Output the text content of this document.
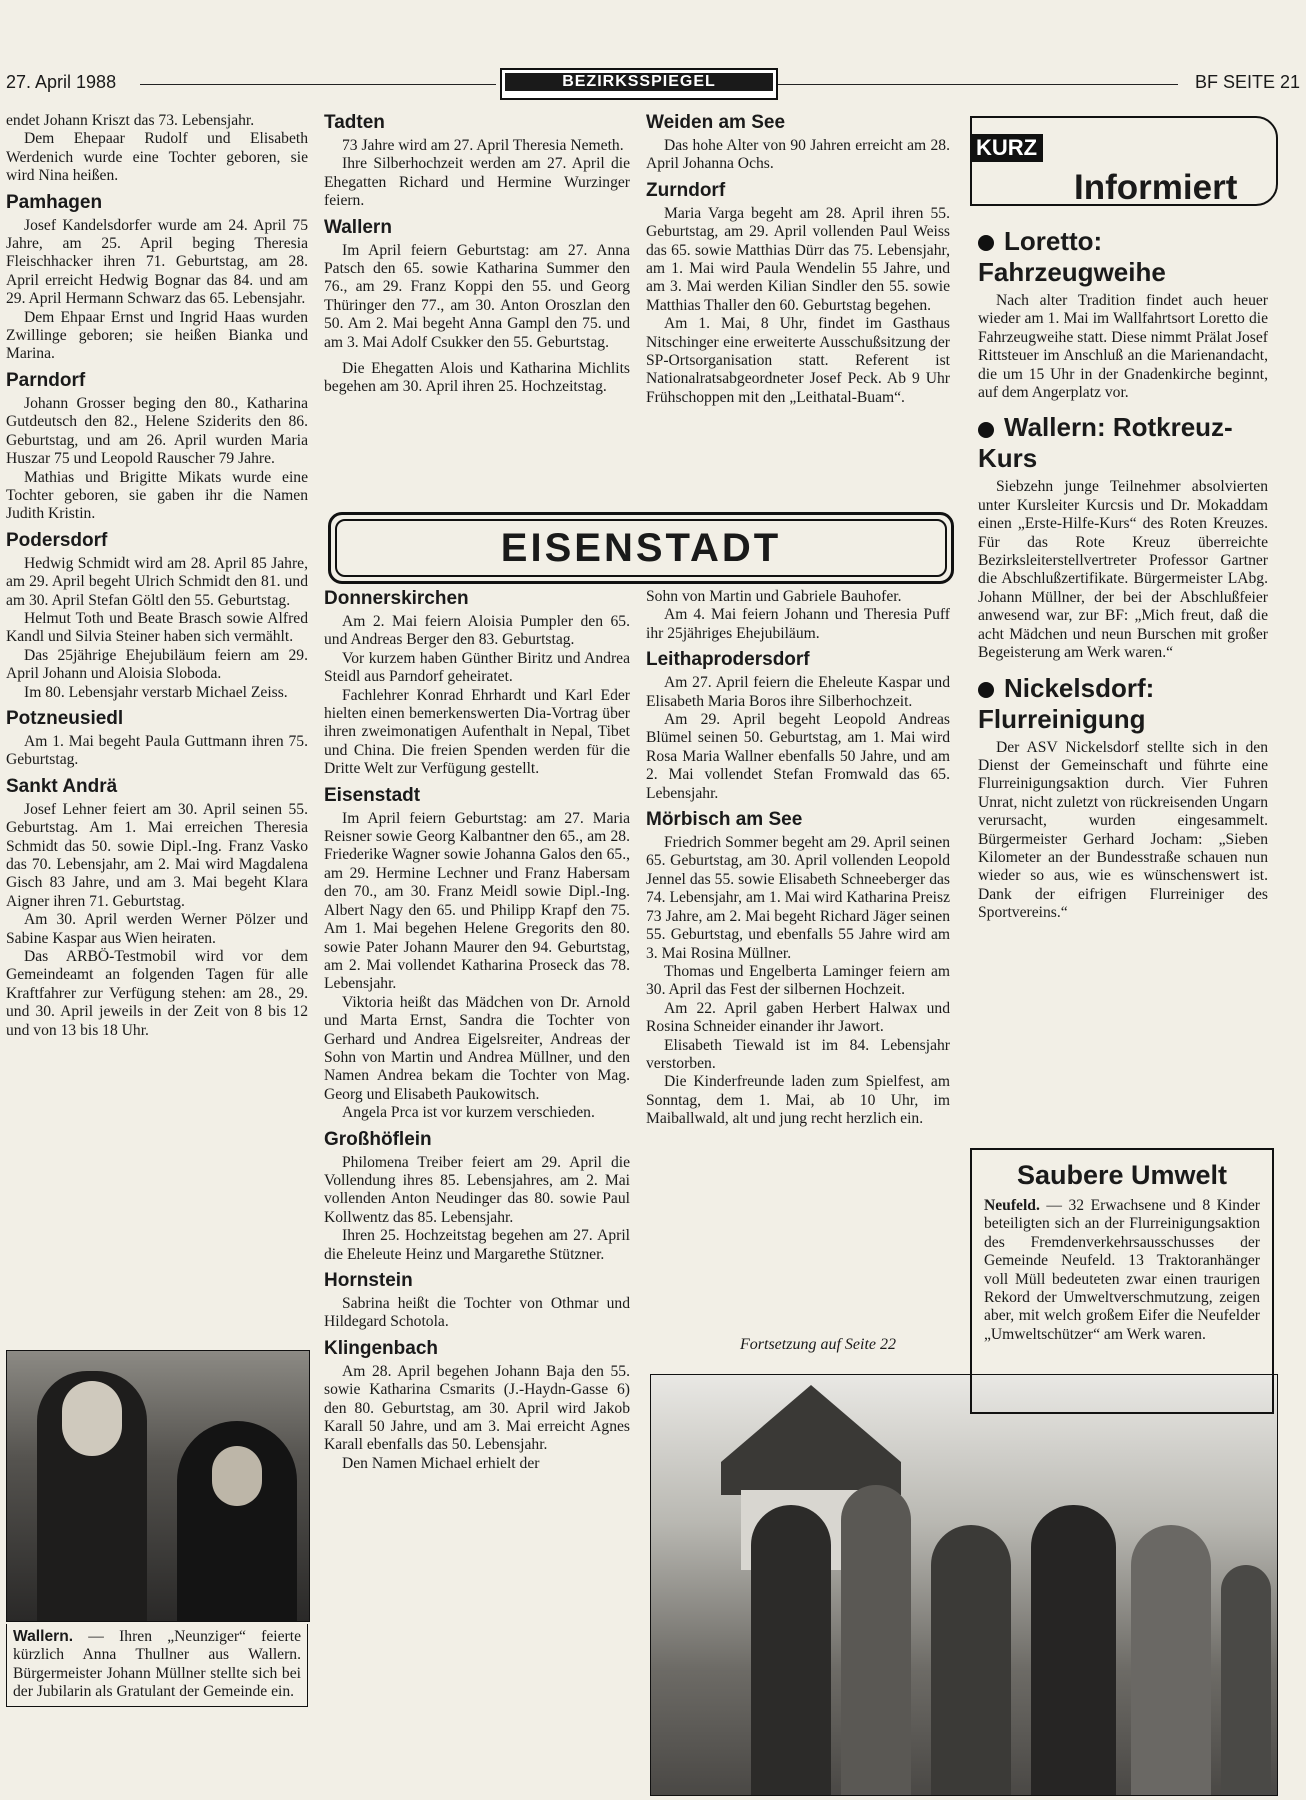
27. April 1988	BEZIRKSSPIEGEL	BF SEITE 21

endet Johann Kriszt das 73. Lebensjahr.

Dem Ehepaar Rudolf und Elisabeth Werdenich wurde eine Tochter geboren, sie wird Nina heißen.

Pamhagen

Josef Kandelsdorfer wurde am 24. April 75 Jahre, am 25. April beging Theresia Fleischhacker ihren 71. Geburtstag, am 28. April erreicht Hedwig Bognar das 84. und am 29. April Hermann Schwarz das 65. Lebensjahr.

Dem Ehpaar Ernst und Ingrid Haas wurden Zwillinge geboren; sie heißen Bianka und Marina.

Parndorf

Johann Grosser beging den 80., Katharina Gutdeutsch den 82., Helene Sziderits den 86. Geburtstag, und am 26. April wurden Maria Huszar 75 und Leopold Rauscher 79 Jahre.

Mathias und Brigitte Mikats wurde eine Tochter geboren, sie gaben ihr die Namen Judith Kristin.

Podersdorf

Hedwig Schmidt wird am 28. April 85 Jahre, am 29. April begeht Ulrich Schmidt den 81. und am 30. April Stefan Göltl den 55. Geburtstag.

Helmut Toth und Beate Brasch sowie Alfred Kandl und Silvia Steiner haben sich vermählt.

Das 25jährige Ehejubiläum feiern am 29. April Johann und Aloisia Sloboda.

Im 80. Lebensjahr verstarb Michael Zeiss.

Potzneusiedl

Am 1. Mai begeht Paula Guttmann ihren 75. Geburtstag.

Sankt Andrä

Josef Lehner feiert am 30. April seinen 55. Geburtstag. Am 1. Mai erreichen Theresia Schmidt das 50. sowie Dipl.-Ing. Franz Vasko das 70. Lebensjahr, am 2. Mai wird Magdalena Gisch 83 Jahre, und am 3. Mai begeht Klara Aigner ihren 71. Geburtstag.

Am 30. April werden Werner Pölzer und Sabine Kaspar aus Wien heiraten.

Das ARBÖ-Testmobil wird vor dem Gemeindeamt an folgenden Tagen für alle Kraftfahrer zur Verfügung stehen: am 28., 29. und 30. April jeweils in der Zeit von 8 bis 12 und von 13 bis 18 Uhr.

Wallern. — Ihren „Neunziger“ feierte kürzlich Anna Thullner aus Wallern. Bürgermeister Johann Müllner stellte sich bei der Jubilarin als Gratulant der Gemeinde ein.
Tadten

73 Jahre wird am 27. April Theresia Nemeth.

Ihre Silberhochzeit werden am 27. April die Ehegatten Richard und Hermine Wurzinger feiern.

Wallern

Im April feiern Geburtstag: am 27. Anna Patsch den 65. sowie Katharina Summer den 76., am 29. Franz Koppi den 55. und Georg Thüringer den 77., am 30. Anton Oroszlan den 50. Am 2. Mai begeht Anna Gampl den 75. und am 3. Mai Adolf Csukker den 55. Geburtstag.

Die Ehegatten Alois und Katharina Michlits begehen am 30. April ihren 25. Hochzeitstag.

Weiden am See

Das hohe Alter von 90 Jahren erreicht am 28. April Johanna Ochs.

Zurndorf

Maria Varga begeht am 28. April ihren 55. Geburtstag, am 29. April vollenden Paul Weiss das 65. sowie Matthias Dürr das 75. Lebensjahr, am 1. Mai wird Paula Wendelin 55 Jahre, und am 3. Mai werden Kilian Sindler den 55. sowie Matthias Thaller den 60. Geburtstag begehen.

Am 1. Mai, 8 Uhr, findet im Gasthaus Nitschinger eine erweiterte Ausschußsitzung der SP-Ortsorganisation statt. Referent ist Nationalratsabgeordneter Josef Peck. Ab 9 Uhr Frühschoppen mit den „Leithatal-Buam“.

EISENSTADT
Donnerskirchen

Am 2. Mai feiern Aloisia Pumpler den 65. und Andreas Berger den 83. Geburtstag.

Vor kurzem haben Günther Biritz und Andrea Steidl aus Parndorf geheiratet.

Fachlehrer Konrad Ehrhardt und Karl Eder hielten einen bemerkenswerten Dia-Vortrag über ihren zweimonatigen Aufenthalt in Nepal, Tibet und China. Die freien Spenden werden für die Dritte Welt zur Verfügung gestellt.

Eisenstadt

Im April feiern Geburtstag: am 27. Maria Reisner sowie Georg Kalbantner den 65., am 28. Friederike Wagner sowie Johanna Galos den 65., am 29. Hermine Lechner und Franz Habersam den 70., am 30. Franz Meidl sowie Dipl.-Ing. Albert Nagy den 65. und Philipp Krapf den 75. Am 1. Mai begehen Helene Gregorits den 80. sowie Pater Johann Maurer den 94. Geburtstag, am 2. Mai vollendet Katharina Proseck das 78. Lebensjahr.

Viktoria heißt das Mädchen von Dr. Arnold und Marta Ernst, Sandra die Tochter von Gerhard und Andrea Eigelsreiter, Andreas der Sohn von Martin und Andrea Müllner, und den Namen Andrea bekam die Tochter von Mag. Georg und Elisabeth Paukowitsch.

Angela Prca ist vor kurzem verschieden.

Großhöflein

Philomena Treiber feiert am 29. April die Vollendung ihres 85. Lebensjahres, am 2. Mai vollenden Anton Neudinger das 80. sowie Paul Kollwentz das 85. Lebensjahr.

Ihren 25. Hochzeitstag begehen am 27. April die Eheleute Heinz und Margarethe Stützner.

Hornstein

Sabrina heißt die Tochter von Othmar und Hildegard Schotola.

Klingenbach

Am 28. April begehen Johann Baja den 55. sowie Katharina Csmarits (J.-Haydn-Gasse 6) den 80. Geburtstag, am 30. April wird Jakob Karall 50 Jahre, und am 3. Mai erreicht Agnes Karall ebenfalls das 50. Lebensjahr.

Den Namen Michael erhielt der

Sohn von Martin und Gabriele Bauhofer.

Am 4. Mai feiern Johann und Theresia Puff ihr 25jähriges Ehejubiläum.

Leithaprodersdorf

Am 27. April feiern die Eheleute Kaspar und Elisabeth Maria Boros ihre Silberhochzeit.

Am 29. April begeht Leopold Andreas Blümel seinen 50. Geburtstag, am 1. Mai wird Rosa Maria Wallner ebenfalls 50 Jahre, und am 2. Mai vollendet Stefan Fromwald das 65. Lebensjahr.

Mörbisch am See

Friedrich Sommer begeht am 29. April seinen 65. Geburtstag, am 30. April vollenden Leopold Jennel das 55. sowie Elisabeth Schneeberger das 74. Lebensjahr, am 1. Mai wird Katharina Preisz 73 Jahre, am 2. Mai begeht Richard Jäger seinen 55. Geburtstag, und ebenfalls 55 Jahre wird am 3. Mai Rosina Müllner.

Thomas und Engelberta Laminger feiern am 30. April das Fest der silbernen Hochzeit.

Am 22. April gaben Herbert Halwax und Rosina Schneider einander ihr Jawort.

Elisabeth Tiewald ist im 84. Lebensjahr verstorben.

Die Kinderfreunde laden zum Spielfest, am Sonntag, dem 1. Mai, ab 10 Uhr, im Maiballwald, alt und jung recht herzlich ein.

Fortsetzung auf Seite 22
KURZ
Informiert
Loretto: Fahrzeugweihe

Nach alter Tradition findet auch heuer wieder am 1. Mai im Wallfahrtsort Loretto die Fahrzeugweihe statt. Diese nimmt Prälat Josef Rittsteuer im Anschluß an die Marienandacht, die um 15 Uhr in der Gnadenkirche beginnt, auf dem Angerplatz vor.

Wallern: Rotkreuz-Kurs

Siebzehn junge Teilnehmer absolvierten unter Kursleiter Kurcsis und Dr. Mokaddam einen „Erste-Hilfe-Kurs“ des Roten Kreuzes. Für das Rote Kreuz überreichte Bezirksleiterstellvertreter Professor Gartner die Abschlußzertifikate. Bürgermeister LAbg. Johann Müllner, der bei der Abschlußfeier anwesend war, zur BF: „Mich freut, daß die acht Mädchen und neun Burschen mit großer Begeisterung am Werk waren.“

Nickelsdorf: Flurreinigung

Der ASV Nickelsdorf stellte sich in den Dienst der Gemeinschaft und führte eine Flurreinigungsaktion durch. Vier Fuhren Unrat, nicht zuletzt von rückreisenden Ungarn verursacht, wurden eingesammelt. Bürgermeister Gerhard Jocham: „Sieben Kilometer an der Bundesstraße schauen nun wieder so aus, wie es wünschenswert ist. Dank der eifrigen Flurreiniger des Sportvereins.“

Saubere Umwelt

Neufeld. — 32 Erwachsene und 8 Kinder beteiligten sich an der Flurreinigungsaktion des Fremdenverkehrsausschusses der Gemeinde Neufeld. 13 Traktoranhänger voll Müll bedeuteten zwar einen traurigen Rekord der Umweltverschmutzung, zeigen aber, mit welch großem Eifer die Neufelder „Umweltschützer“ am Werk waren.
